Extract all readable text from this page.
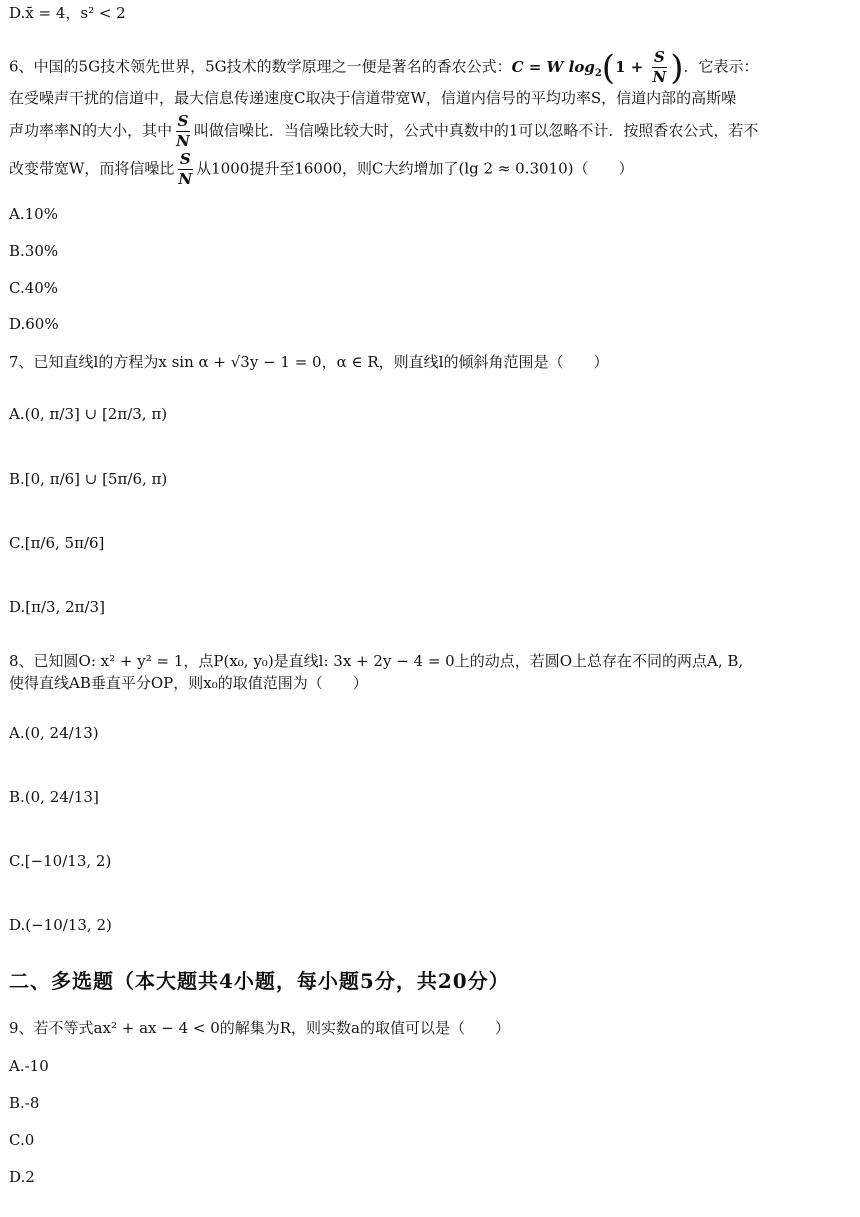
D.x̄ = 4，s² < 2
6、中国的5G技术领先世界，5G技术的数学原理之一便是著名的香农公式：C = W $\log_2(1 + \frac{S}{N}$ )．它表示：
在受噪声干扰的信道中，最大信息传递速度C取决于信道带宽W，信道内信号的平均功率S，信道内部的高斯噪
声功率率N的大小，其中 $\frac{S}{N}$ 叫做信噪比．当信噪比较大时，公式中真数中的1可以忽略不计．按照香农公式，若不
改变带宽W，而将信噪比 $\frac{S}{N}$ 从1000提升至16000，则C大约增加了(lg 2 ≈ 0.3010)（　　）
A.10%
B.30%
C.40%
D.60%
7、已知直线l的方程为x sin α + √3y − 1 = 0，α ∈ R，则直线l的倾斜角范围是（　　）
A.(0, π/3] ∪ [2π/3, π)
B.[0, π/6] ∪ [5π/6, π)
C.[π/6, 5π/6]
D.[π/3, 2π/3]
8、已知圆O: x² + y² = 1，点P(x₀, y₀)是直线l: 3x + 2y − 4 = 0上的动点，若圆O上总存在不同的两点A, B,
使得直线AB垂直平分OP，则x₀的取值范围为（　　）
A.(0, 24/13)
B.(0, 24/13]
C.[−10/13, 2)
D.(−10/13, 2)
二、多选题（本大题共4小题，每小题5分，共20分）
9、若不等式ax² + ax − 4 < 0的解集为R，则实数a的取值可以是（　　）
A.-10
B.-8
C.0
D.2
